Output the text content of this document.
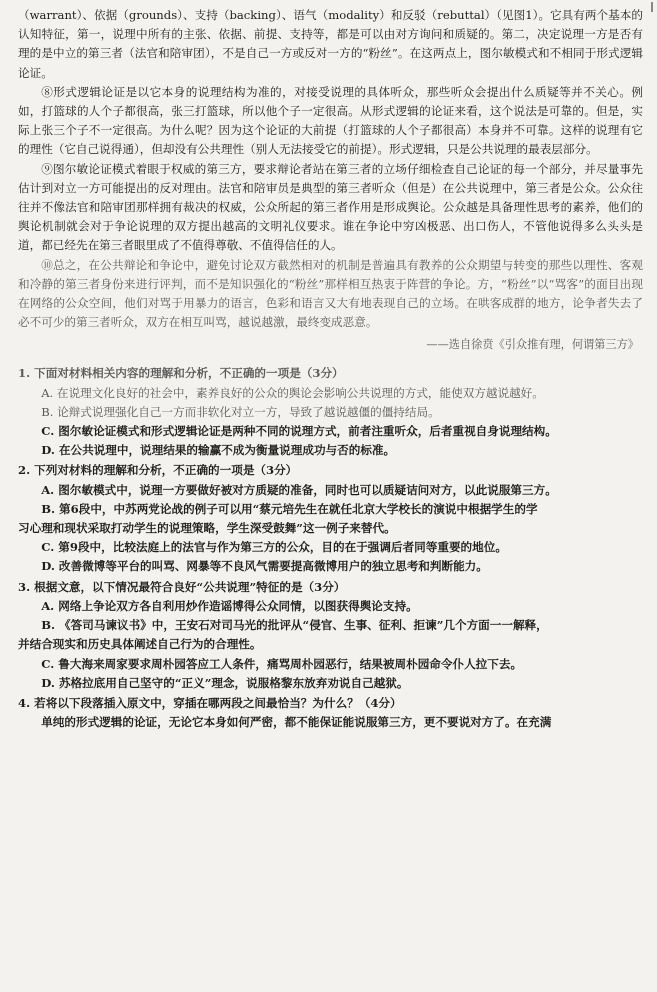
（warrant）、依据（grounds）、支持（backing）、语气（modality）和反驳（rebuttal）（见图1）。它具有两个基本的认知特征，第一，说理中所有的主张、依据、前提、支持等，都是可以由对方询问和质疑的。第二，决定说理一方是否有理的是中立的第三者（法官和陪审团），不是自己一方或反对一方的“粉丝”。在这两点上，图尔敏模式和不相同于形式逻辑论证。

⑧形式逻辑论证是以它本身的说理结构为准的，对接受说理的具体听众，那些听众会提出什么质疑等并不关心。例如，打篮球的人个子都很高，张三打篮球，所以他个子一定很高。从形式逻辑的论证来看，这个说法是可靠的。但是，实际上张三个子不一定很高。为什么呢？因为这个论证的大前提（打篮球的人个子都很高）本身并不可靠。这样的说理有它的理性（它自己说得通），但却没有公共理性（别人无法接受它的前提）。形式逻辑，只是公共说理的最表层部分。

⑨图尔敏论证模式着眼于权威的第三方，要求辩论者站在第三者的立场仔细检查自己论证的每一个部分，并尽量事先估计到对立一方可能提出的反对理由。法官和陪审员是典型的第三者听众（但是）在公共说理中，第三者是公众。公众往往并不像法官和陪审团那样拥有裁决的权威，公众所起的第三者作用是形成舆论。公众越是具备理性思考的素养，他们的舆论机制就会对于争论说理的双方提出越高的文明礼仪要求。谁在争论中穷凶极恶、出口伤人，不管他说得多么头头是道，都已经先在第三者眼里成了不值得尊敬、不值得信任的人。

⑩总之，在公共辩论和争论中，避免讨论双方截然相对的机制是普遍具有教养的公众期望与转变的那些以理性、客观和冷静的第三者身份来进行评判，而不是知识强化的“粉丝”那样相互热衷于阵营的争论。方，“粉丝”以“骂客”的面目出现在网络的公众空间，他们对骂于用暴力的语言，色彩和语言又大有地表现自己的立场。在哄客成群的地方，论争者失去了必不可少的第三者听众，双方在相互叫骂，越说越激，最终变成恶意。

——选自徐贲《引众推有理，何谓第三方》

1. 下面对材料相关内容的理解和分析，不正确的一项是（3分）

A. 在说理文化良好的社会中，素养良好的公众的舆论会影响公共说理的方式，能使双方越说越好。

B. 论辩式说理强化自己一方而非软化对立一方，导致了越说越僵的僵持结局。

C. 图尔敏论证模式和形式逻辑论证是两种不同的说理方式，前者注重听众，后者重视自身说理结构。

D. 在公共说理中，说理结果的输赢不成为衡量说理成功与否的标准。

2. 下列对材料的理解和分析，不正确的一项是（3分）

A. 图尔敏模式中，说理一方要做好被对方质疑的准备，同时也可以质疑诘问对方，以此说服第三方。

B. 第6段中，中苏两党论战的例子可以用“蔡元培先生在就任北京大学校长的演说中根据学生的学

习心理和现状采取打动学生的说理策略，学生深受鼓舞”这一例子来替代。

C. 第9段中，比较法庭上的法官与作为第三方的公众，目的在于强调后者同等重要的地位。

D. 改善微博等平台的叫骂、网暴等不良风气需要提高微博用户的独立思考和判断能力。

3. 根据文意，以下情况最符合良好“公共说理”特征的是（3分）

A. 网络上争论双方各自利用炒作造谣博得公众同情，以图获得舆论支持。

B. 《答司马谏议书》中，王安石对司马光的批评从“侵官、生事、征利、拒谏”几个方面一一解释，

并结合现实和历史具体阐述自己行为的合理性。

C. 鲁大海来周家要求周朴园答应工人条件，痛骂周朴园恶行，结果被周朴园命令仆人拉下去。

D. 苏格拉底用自己坚守的“正义”理念，说服格黎东放弃劝说自己越狱。

4. 若将以下段落插入原文中，穿插在哪两段之间最恰当？为什么？（4分）

单纯的形式逻辑的论证，无论它本身如何严密，都不能保证能说服第三方，更不要说对方了。在充满
